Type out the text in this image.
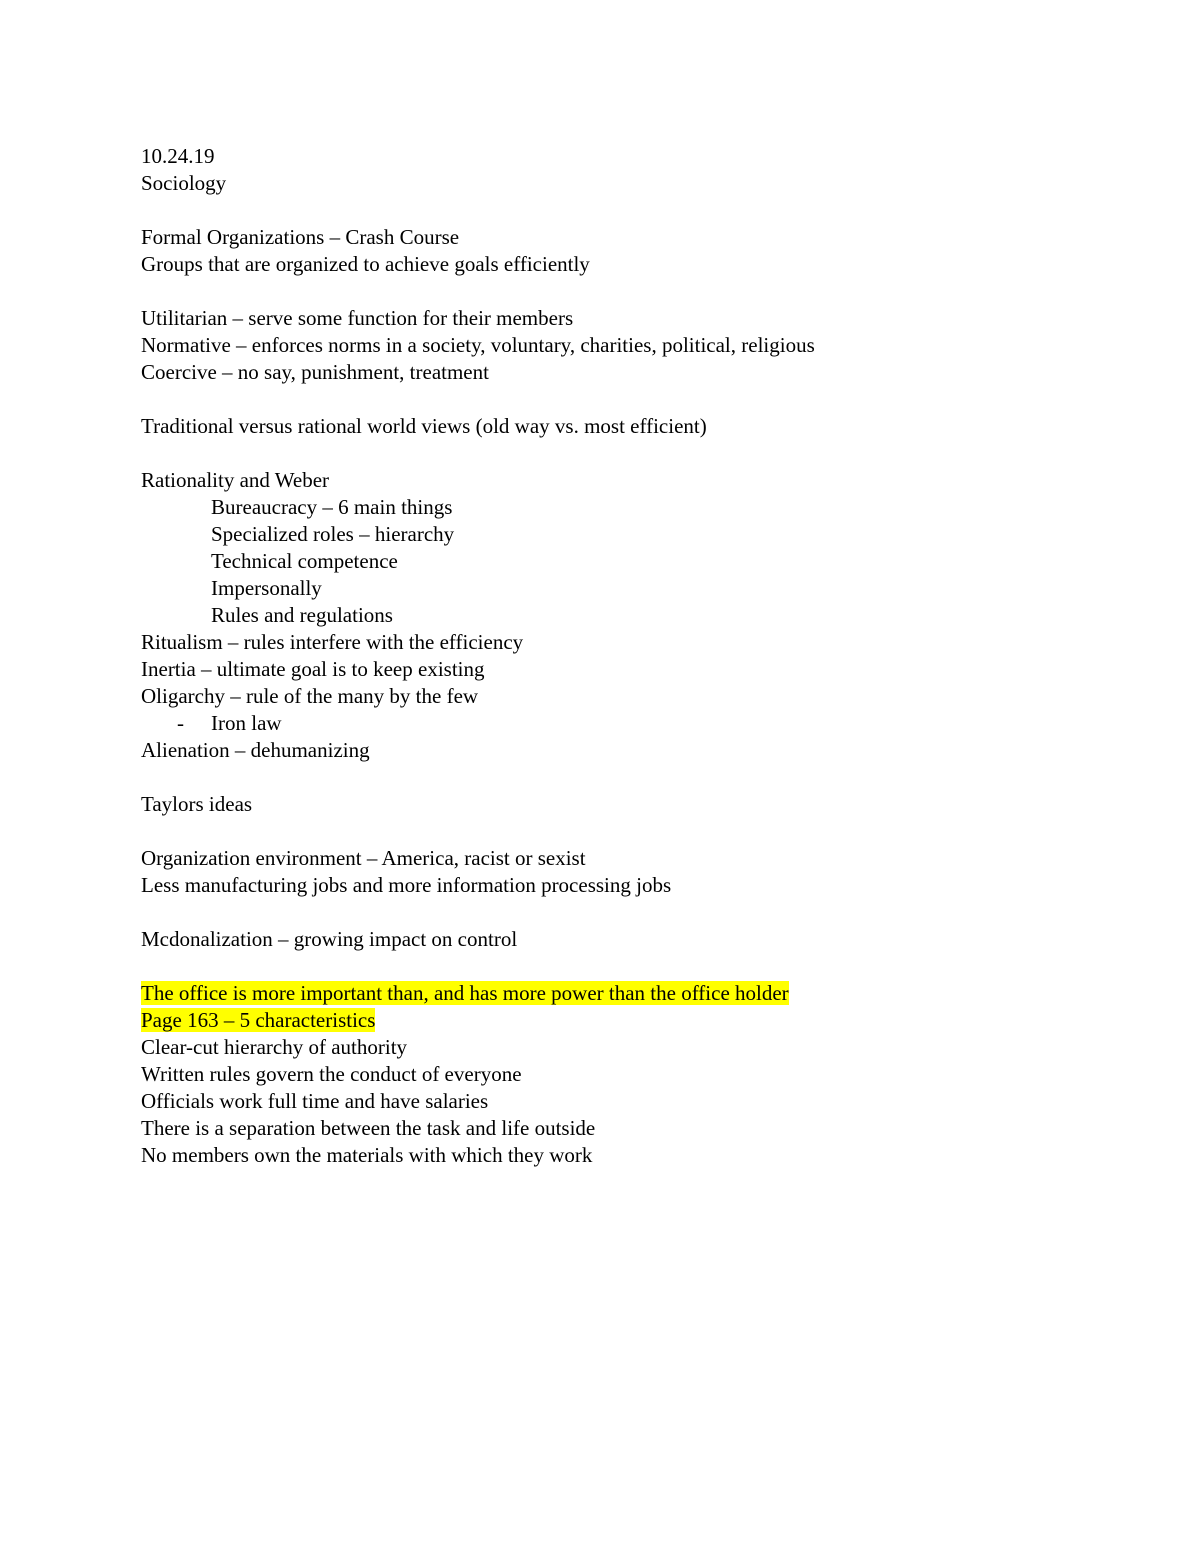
10.24.19
Sociology
Formal Organizations – Crash Course
Groups that are organized to achieve goals efficiently
Utilitarian – serve some function for their members
Normative – enforces norms in a society, voluntary, charities, political, religious
Coercive – no say, punishment, treatment
Traditional versus rational world views (old way vs. most efficient)
Rationality and Weber
Bureaucracy – 6 main things
Specialized roles – hierarchy
Technical competence
Impersonally
Rules and regulations
Ritualism – rules interfere with the efficiency
Inertia – ultimate goal is to keep existing
Oligarchy – rule of the many by the few
- Iron law
Alienation – dehumanizing
Taylors ideas
Organization environment – America, racist or sexist
Less manufacturing jobs and more information processing jobs
Mcdonalization – growing impact on control
The office is more important than, and has more power than the office holder
Page 163 – 5 characteristics
Clear-cut hierarchy of authority
Written rules govern the conduct of everyone
Officials work full time and have salaries
There is a separation between the task and life outside
No members own the materials with which they work
